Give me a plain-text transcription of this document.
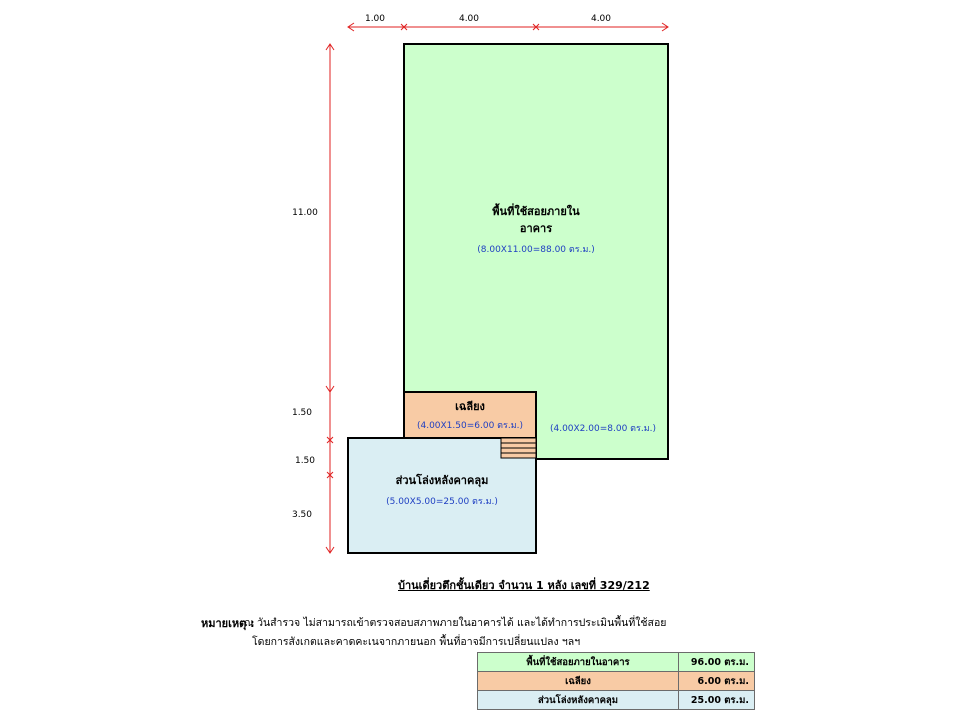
1.00	4.00	4.00
11.00
1.50
1.50
3.50
พื้นที่ใช้สอยภายใน
อาคาร
(8.00X11.00=88.00 ตร.ม.)
(4.00X2.00=8.00 ตร.ม.)
เฉลียง
(4.00X1.50=6.00 ตร.ม.)
ส่วนโล่งหลังคาคลุม
(5.00X5.00=25.00 ตร.ม.)
บ้านเดี่ยวตึกชั้นเดียว จำนวน 1 หลัง เลขที่ 329/212
หมายเหตุ :
ณ วันสำรวจ ไม่สามารถเข้าตรวจสอบสภาพภายในอาคารได้ และได้ทำการประเมินพื้นที่ใช้สอย
โดยการสังเกตและคาดคะเนจากภายนอก พื้นที่อาจมีการเปลี่ยนแปลง ฯลฯ
พื้นที่ใช้สอยภายในอาคาร	96.00 ตร.ม.
เฉลียง	6.00 ตร.ม.
ส่วนโล่งหลังคาคลุม	25.00 ตร.ม.
